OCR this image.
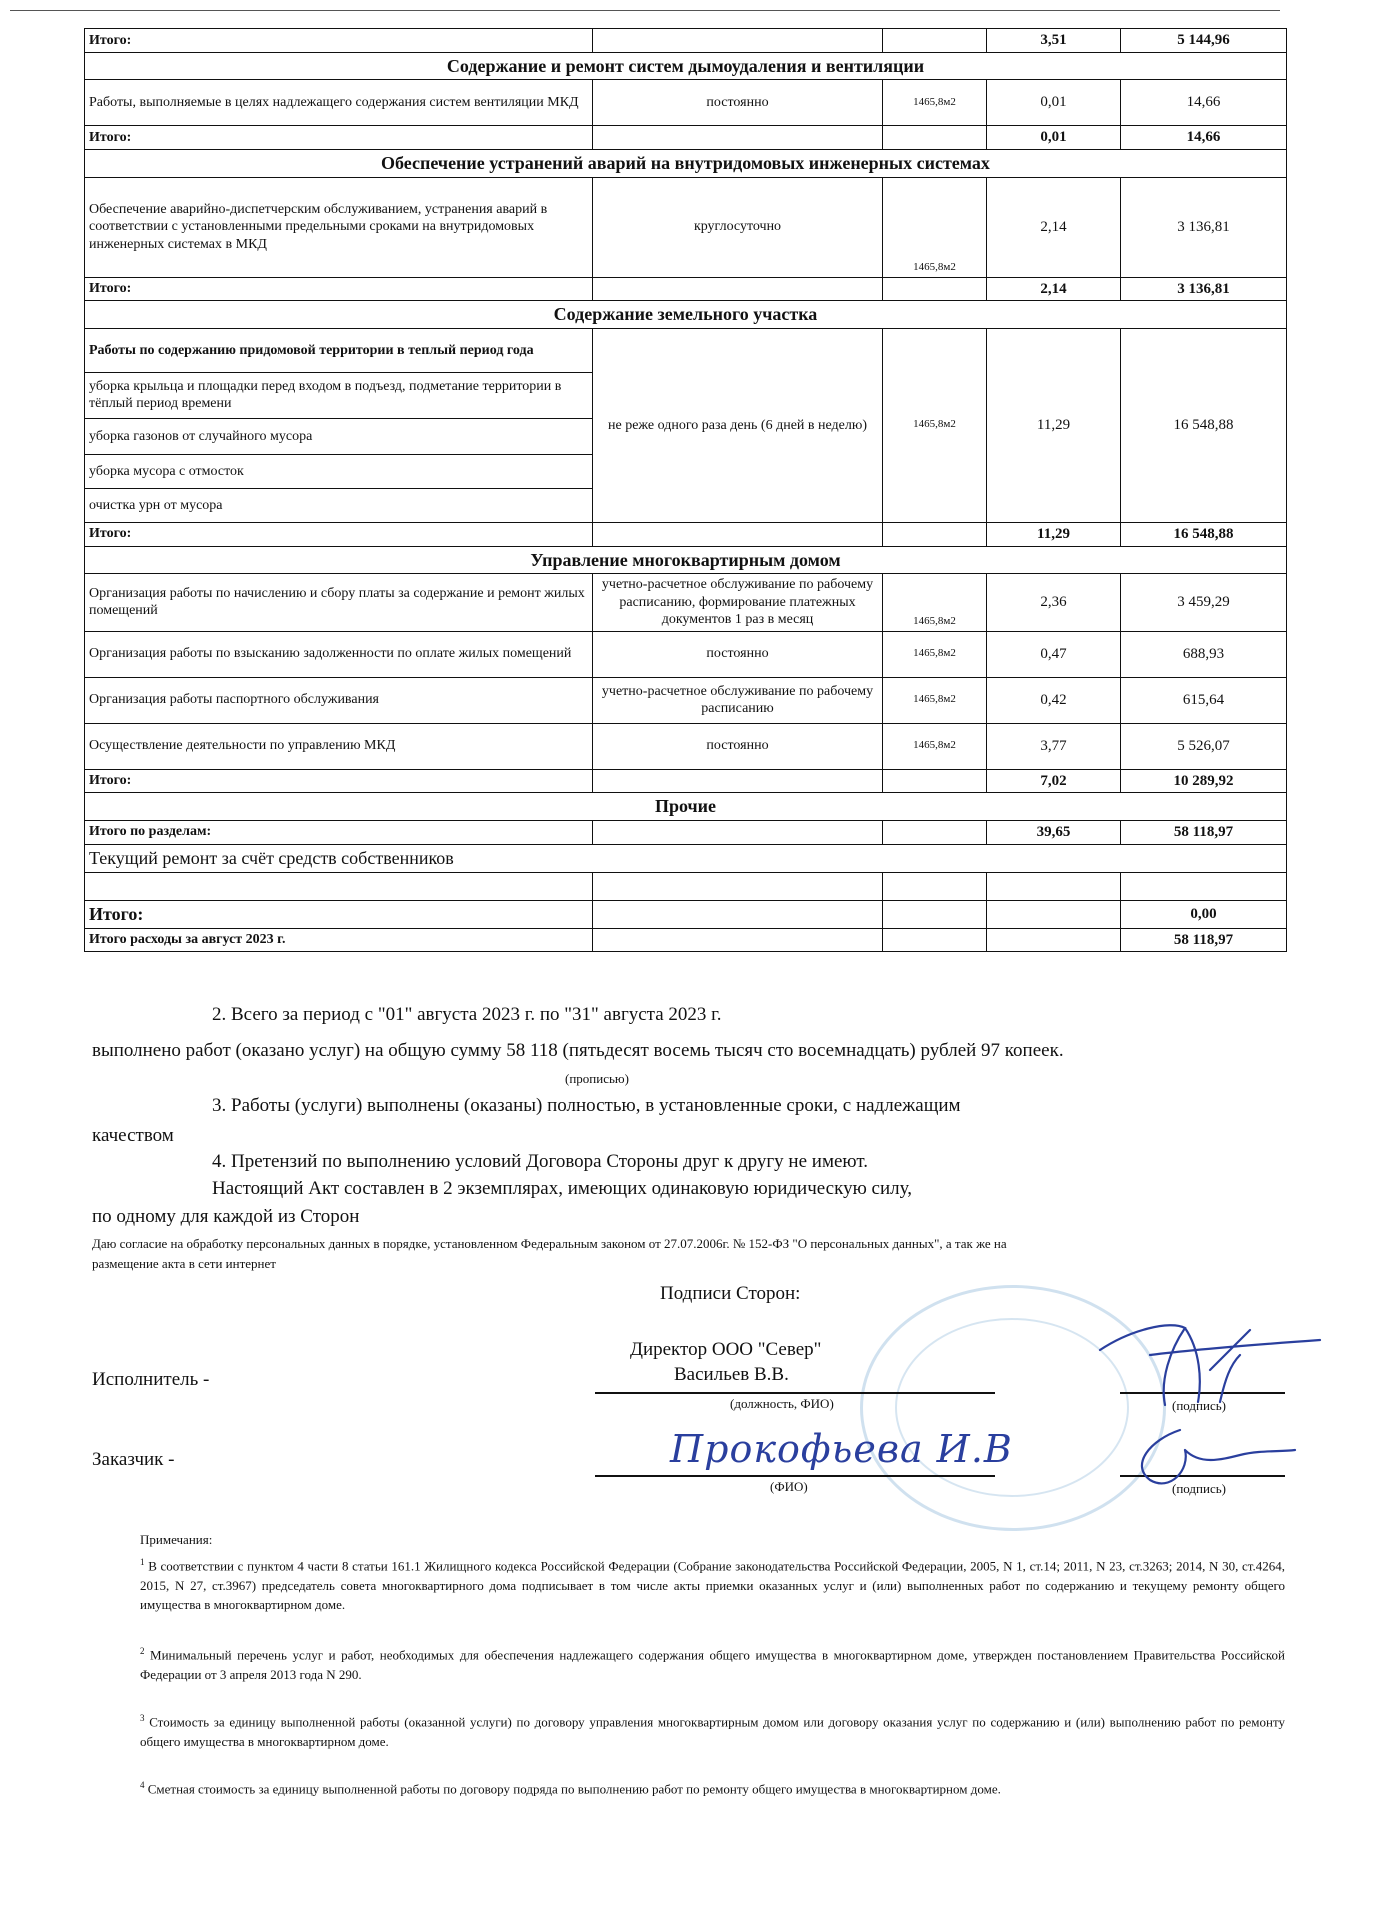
Итого:			3,51	5 144,96
Содержание и ремонт систем дымоудаления и вентиляции				
Работы, выполняемые в целях надлежащего содержания систем вентиляции МКД	постоянно	1465,8м2	0,01	14,66
Итого:			0,01	14,66
Обеспечение устранений аварий на внутридомовых инженерных системах				
Обеспечение аварийно-диспетчерским обслуживанием, устранения аварий в соответствии с установленными предельными сроками на внутридомовых инженерных системах в МКД	круглосуточно	1465,8м2	2,14	3 136,81
Итого:			2,14	3 136,81
Содержание земельного участка				
Работы по содержанию придомовой территории в теплый период года	не реже одного раза день (6 дней в неделю)	1465,8м2	11,29	16 548,88
уборка крыльца и площадки перед входом в подъезд, подметание территории в тёплый период времени				
уборка газонов от случайного мусора				
уборка мусора с отмосток				
очистка урн от мусора				
Итого:			11,29	16 548,88
Управление многоквартирным домом				
Организация работы по начислению и сбору платы за содержание и ремонт жилых помещений	учетно-расчетное обслуживание по рабочему расписанию, формирование платежных документов 1 раз в месяц	1465,8м2	2,36	3 459,29
Организация работы по взысканию задолженности по оплате жилых помещений	постоянно	1465,8м2	0,47	688,93
Организация работы паспортного обслуживания	учетно-расчетное обслуживание по рабочему расписанию	1465,8м2	0,42	615,64
Осуществление деятельности по управлению МКД	постоянно	1465,8м2	3,77	5 526,07
Итого:			7,02	10 289,92
Прочие				
Итого по разделам:			39,65	58 118,97
Текущий ремонт за счёт средств собственников				

Итого:				0,00
Итого расходы за август 2023 г.				58 118,97
2. Всего за период с "01" августа 2023 г. по "31" августа 2023 г.
выполнено работ (оказано услуг) на общую сумму 58 118 (пятьдесят восемь тысяч сто восемнадцать) рублей 97 копеек.
(прописью)
3. Работы (услуги) выполнены (оказаны) полностью, в установленные сроки, с надлежащим
качеством
4. Претензий по выполнению условий Договора Стороны друг к другу не имеют.
Настоящий Акт составлен в 2 экземплярах, имеющих одинаковую юридическую силу,
по одному для каждой из Сторон
Даю согласие на обработку персональных данных в порядке, установленном Федеральным законом от 27.07.2006г. № 152-ФЗ "О персональных данных", а так же на
размещение акта в сети интернет
Подписи Сторон:
Директор ООО "Север"
Исполнитель -	Васильев В.В.
(должность, ФИО)	(подпись)
Заказчик -	Прокофьева И.В
(ФИО)	(подпись)
Примечания:
$^1$ В соответствии с пунктом 4 части 8 статьи 161.1 Жилищного кодекса Российской Федерации (Собрание законодательства Российской Федерации, 2005, N 1, ст.14; 2011, N 23, ст.3263; 2014, N 30, ст.4264, 2015, N 27, ст.3967) председатель совета многоквартирного дома подписывает в том числе акты приемки оказанных услуг и (или) выполненных работ по содержанию и текущему ремонту общего имущества в многоквартирном доме.
$^2$ Минимальный перечень услуг и работ, необходимых для обеспечения надлежащего содержания общего имущества в многоквартирном доме, утвержден постановлением Правительства Российской Федерации от 3 апреля 2013 года N 290.
$^3$ Стоимость за единицу выполненной работы (оказанной услуги) по договору управления многоквартирным домом или договору оказания услуг по содержанию и (или) выполнению работ по ремонту общего имущества в многоквартирном доме.
$^4$ Сметная стоимость за единицу выполненной работы по договору подряда по выполнению работ по ремонту общего имущества в многоквартирном доме.
